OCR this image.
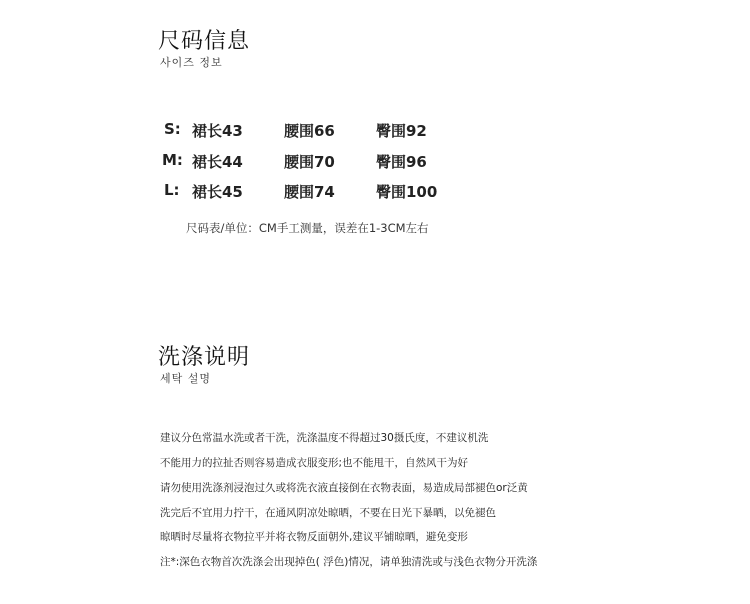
尺码信息
사이즈 정보
S: 裙长43	腰围66	臀围92
M: 裙长44	腰围70	臀围96
L: 裙长45	腰围74	臀围100
尺码表/单位：CM手工测量，误差在1-3CM左右
洗涤说明
세탁 설명
建议分色常温水洗或者干洗，洗涤温度不得超过30摄氏度，不建议机洗
不能用力的拉扯否则容易造成衣服变形;也不能甩干，自然风干为好
请勿使用洗涤剂浸泡过久或将洗衣液直接倒在衣物表面，易造成局部褪色or泛黄
洗完后不宜用力拧干，在通风阴凉处晾晒，不要在日光下暴晒，以免褪色
晾晒时尽量将衣物拉平并将衣物反面朝外,建议平铺晾晒，避免变形
注*:深色衣物首次洗涤会出现掉色( 浮色)情况，请单独清洗或与浅色衣物分开洗涤
